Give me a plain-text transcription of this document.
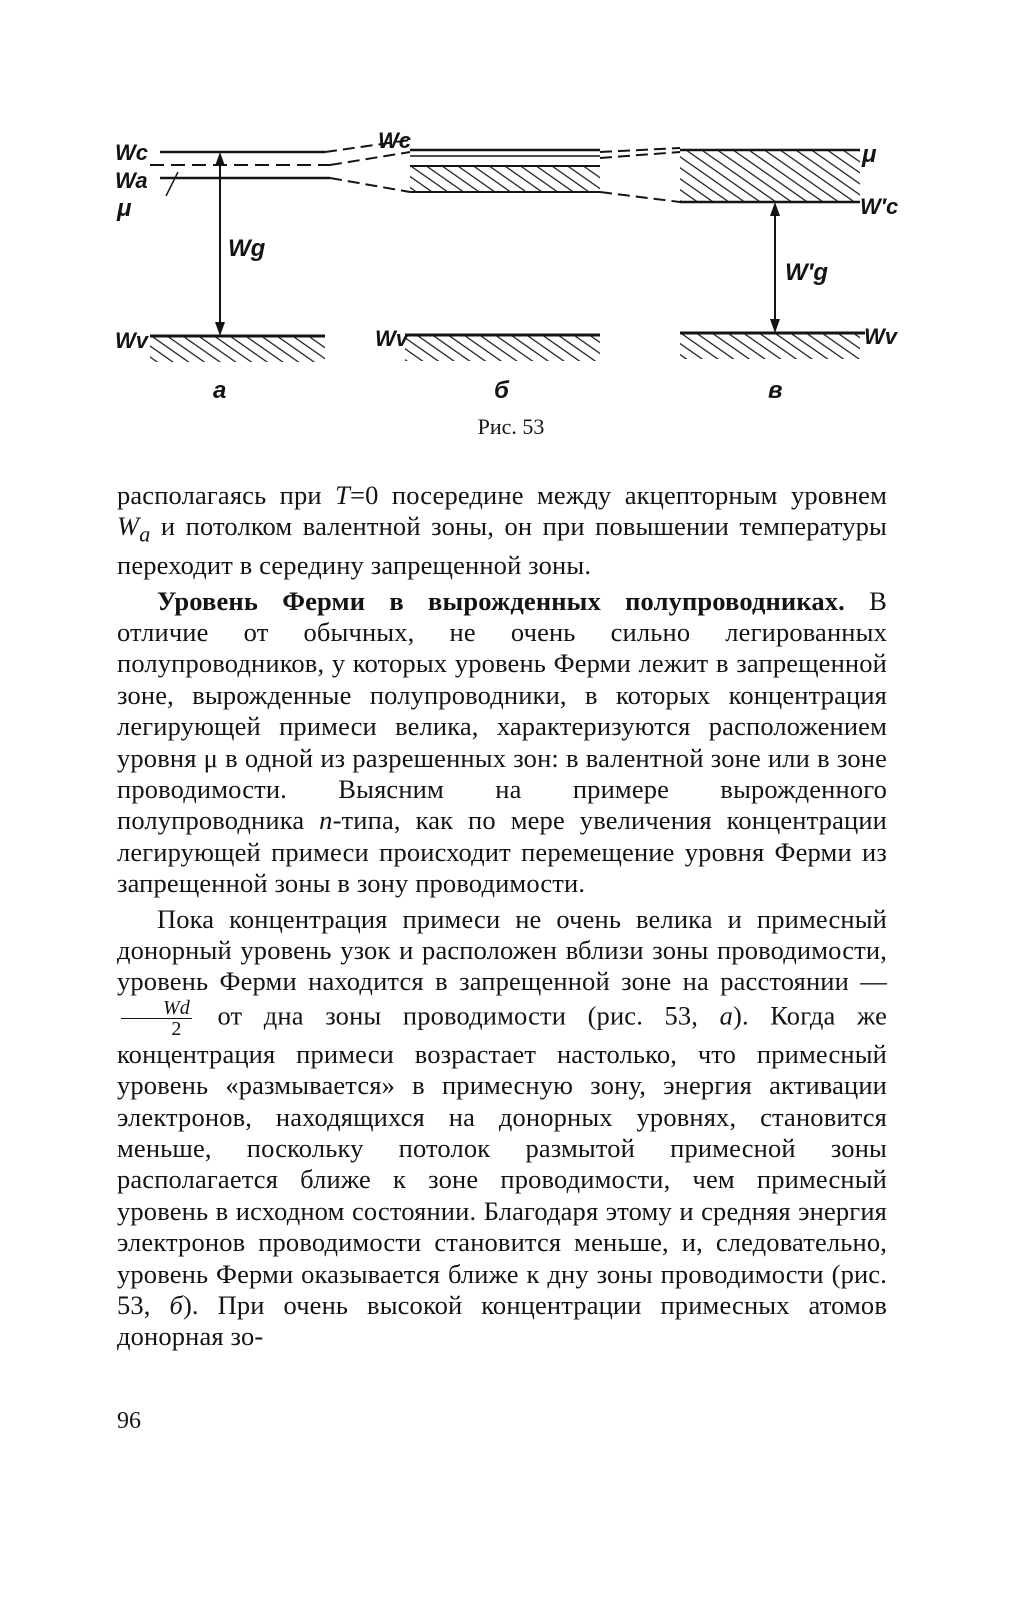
Wc
Wa
μ
Wg
Wv
а
Wc
Wv
б
μ
W′c
W′g
Wv
в
Рис. 53

располагаясь при T=0 посередине между акцепторным уровнем $W_a$ и потолком валентной зоны, он при повышении температуры переходит в середину запрещенной зоны.

Уровень Ферми в вырожденных полупроводниках. В отличие от обычных, не очень сильно легированных полупроводников, у которых уровень Ферми лежит в запрещенной зоне, вырожденные полупроводники, в которых концентрация легирующей примеси велика, характеризуются расположением уровня μ в одной из разрешенных зон: в валентной зоне или в зоне проводимости. Выясним на примере вырожденного полупроводника n-типа, как по мере увеличения концентрации легирующей примеси происходит перемещение уровня Ферми из запрещенной зоны в зону проводимости.

Пока концентрация примеси не очень велика и примесный донорный уровень узок и расположен вблизи зоны проводимости, уровень Ферми находится в запрещенной зоне на расстоянии —
$\frac{Wd}{2}$ от дна зоны проводимости (рис. 53, а). Когда же концентрация примеси возрастает настолько, что примесный уровень «размывается» в примесную зону, энергия активации электронов, находящихся на донорных уровнях, становится меньше, поскольку потолок размытой примесной зоны располагается ближе к зоне проводимости, чем примесный уровень в исходном состоянии. Благодаря этому и средняя энергия электронов проводимости становится меньше, и, следовательно, уровень Ферми оказывается ближе к дну зоны проводимости (рис. 53, б). При очень высокой концентрации примесных атомов донорная зо-

96
